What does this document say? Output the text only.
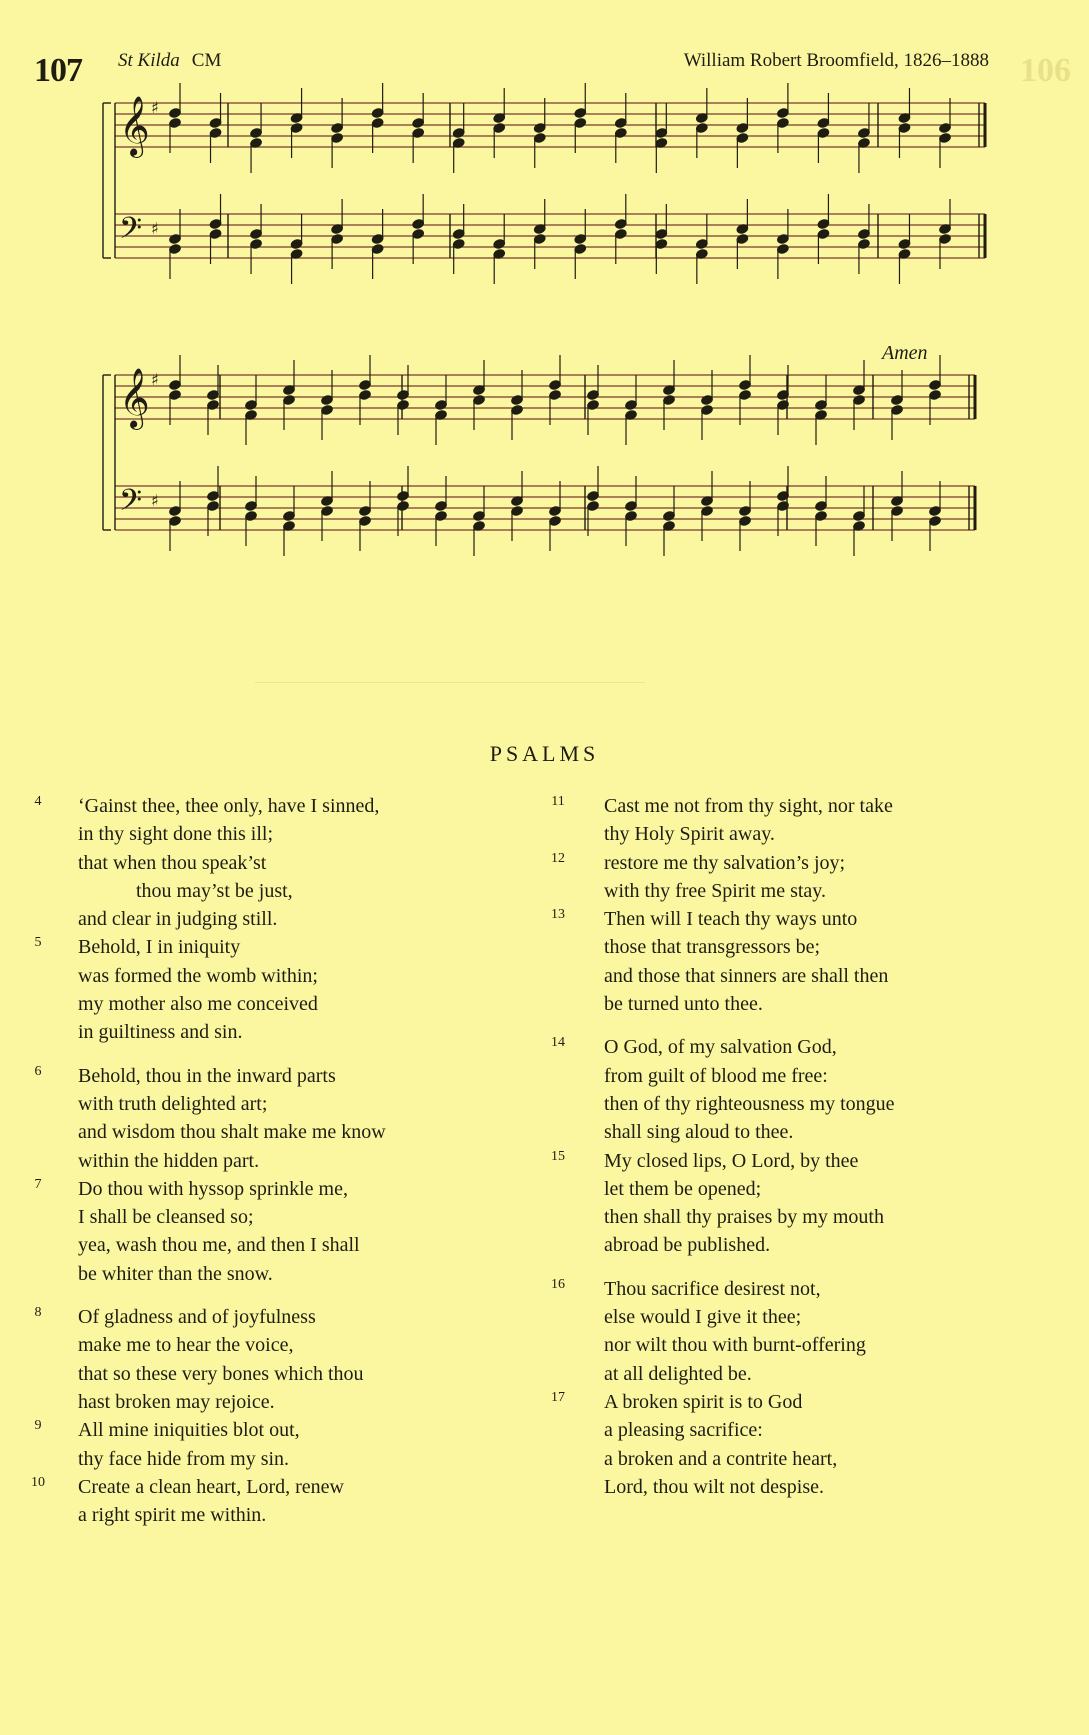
107 St Kilda CM	William Robert Broomfield, 1826–1888 106
𝄞 ♯
𝄢 ♯
𝄞 ♯
𝄢 ♯
Amen
PSALMS
4	‘Gainst thee, thee only, have I sinned,
in thy sight done this ill;
that when thou speak’st
thou may’st be just,
and clear in judging still.
5	Behold, I in iniquity
was formed the womb within;
my mother also me conceived
in guiltiness and sin.
6	Behold, thou in the inward parts
with truth delighted art;
and wisdom thou shalt make me know
within the hidden part.
7	Do thou with hyssop sprinkle me,
I shall be cleansed so;
yea, wash thou me, and then I shall
be whiter than the snow.
8	Of gladness and of joyfulness
make me to hear the voice,
that so these very bones which thou
hast broken may rejoice.
9	All mine iniquities blot out,
thy face hide from my sin.
10	Create a clean heart, Lord, renew
a right spirit me within.
11	Cast me not from thy sight, nor take
thy Holy Spirit away.
12	restore me thy salvation’s joy;
with thy free Spirit me stay.
13	Then will I teach thy ways unto
those that transgressors be;
and those that sinners are shall then
be turned unto thee.
14	O God, of my salvation God,
from guilt of blood me free:
then of thy righteousness my tongue
shall sing aloud to thee.
15	My closed lips, O Lord, by thee
let them be opened;
then shall thy praises by my mouth
abroad be published.
16	Thou sacrifice desirest not,
else would I give it thee;
nor wilt thou with burnt-offering
at all delighted be.
17	A broken spirit is to God
a pleasing sacrifice:
a broken and a contrite heart,
Lord, thou wilt not despise.
